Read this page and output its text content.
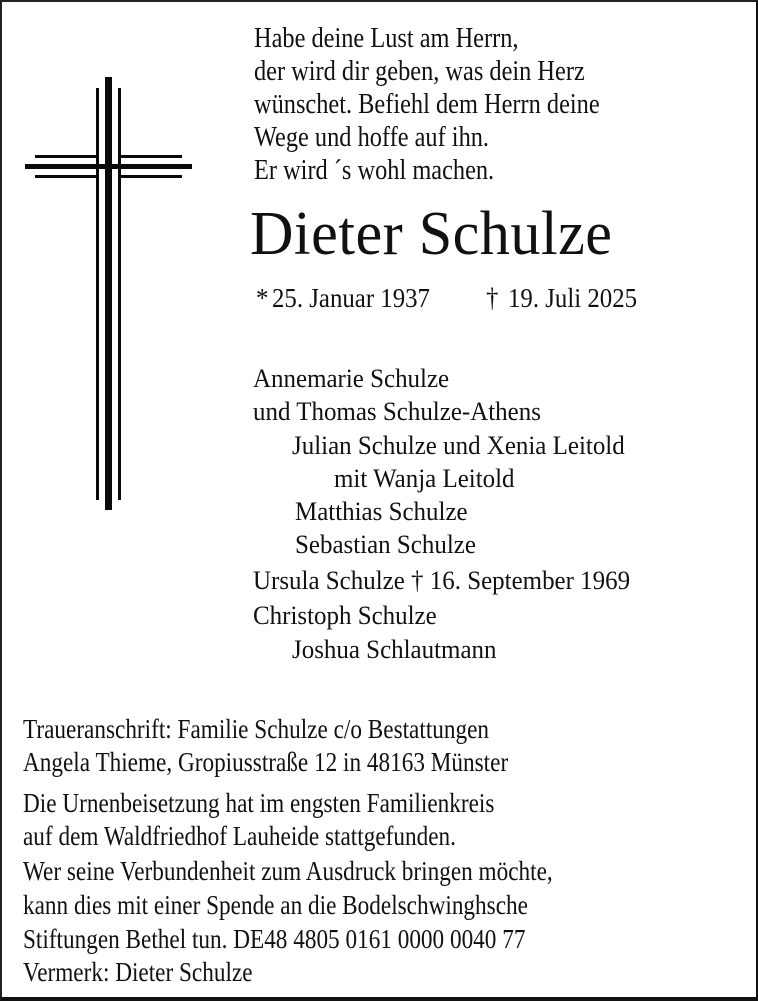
Habe deine Lust am Herrn,
der wird dir geben, was dein Herz
wünschet. Befiehl dem Herrn deine
Wege und hoffe auf ihn.
Er wird ´s wohl machen.
Dieter Schulze
* 25. Januar 1937 † 19. Juli 2025
Annemarie Schulze
und Thomas Schulze-Athens
Julian Schulze und Xenia Leitold
mit Wanja Leitold
Matthias Schulze
Sebastian Schulze
Ursula Schulze † 16. September 1969
Christoph Schulze
Joshua Schlautmann
Traueranschrift: Familie Schulze c/o Bestattungen
Angela Thieme, Gropiusstraße 12 in 48163 Münster
Die Urnenbeisetzung hat im engsten Familienkreis
auf dem Waldfriedhof Lauheide stattgefunden.
Wer seine Verbundenheit zum Ausdruck bringen möchte,
kann dies mit einer Spende an die Bodelschwinghsche
Stiftungen Bethel tun. DE48 4805 0161 0000 0040 77
Vermerk: Dieter Schulze
